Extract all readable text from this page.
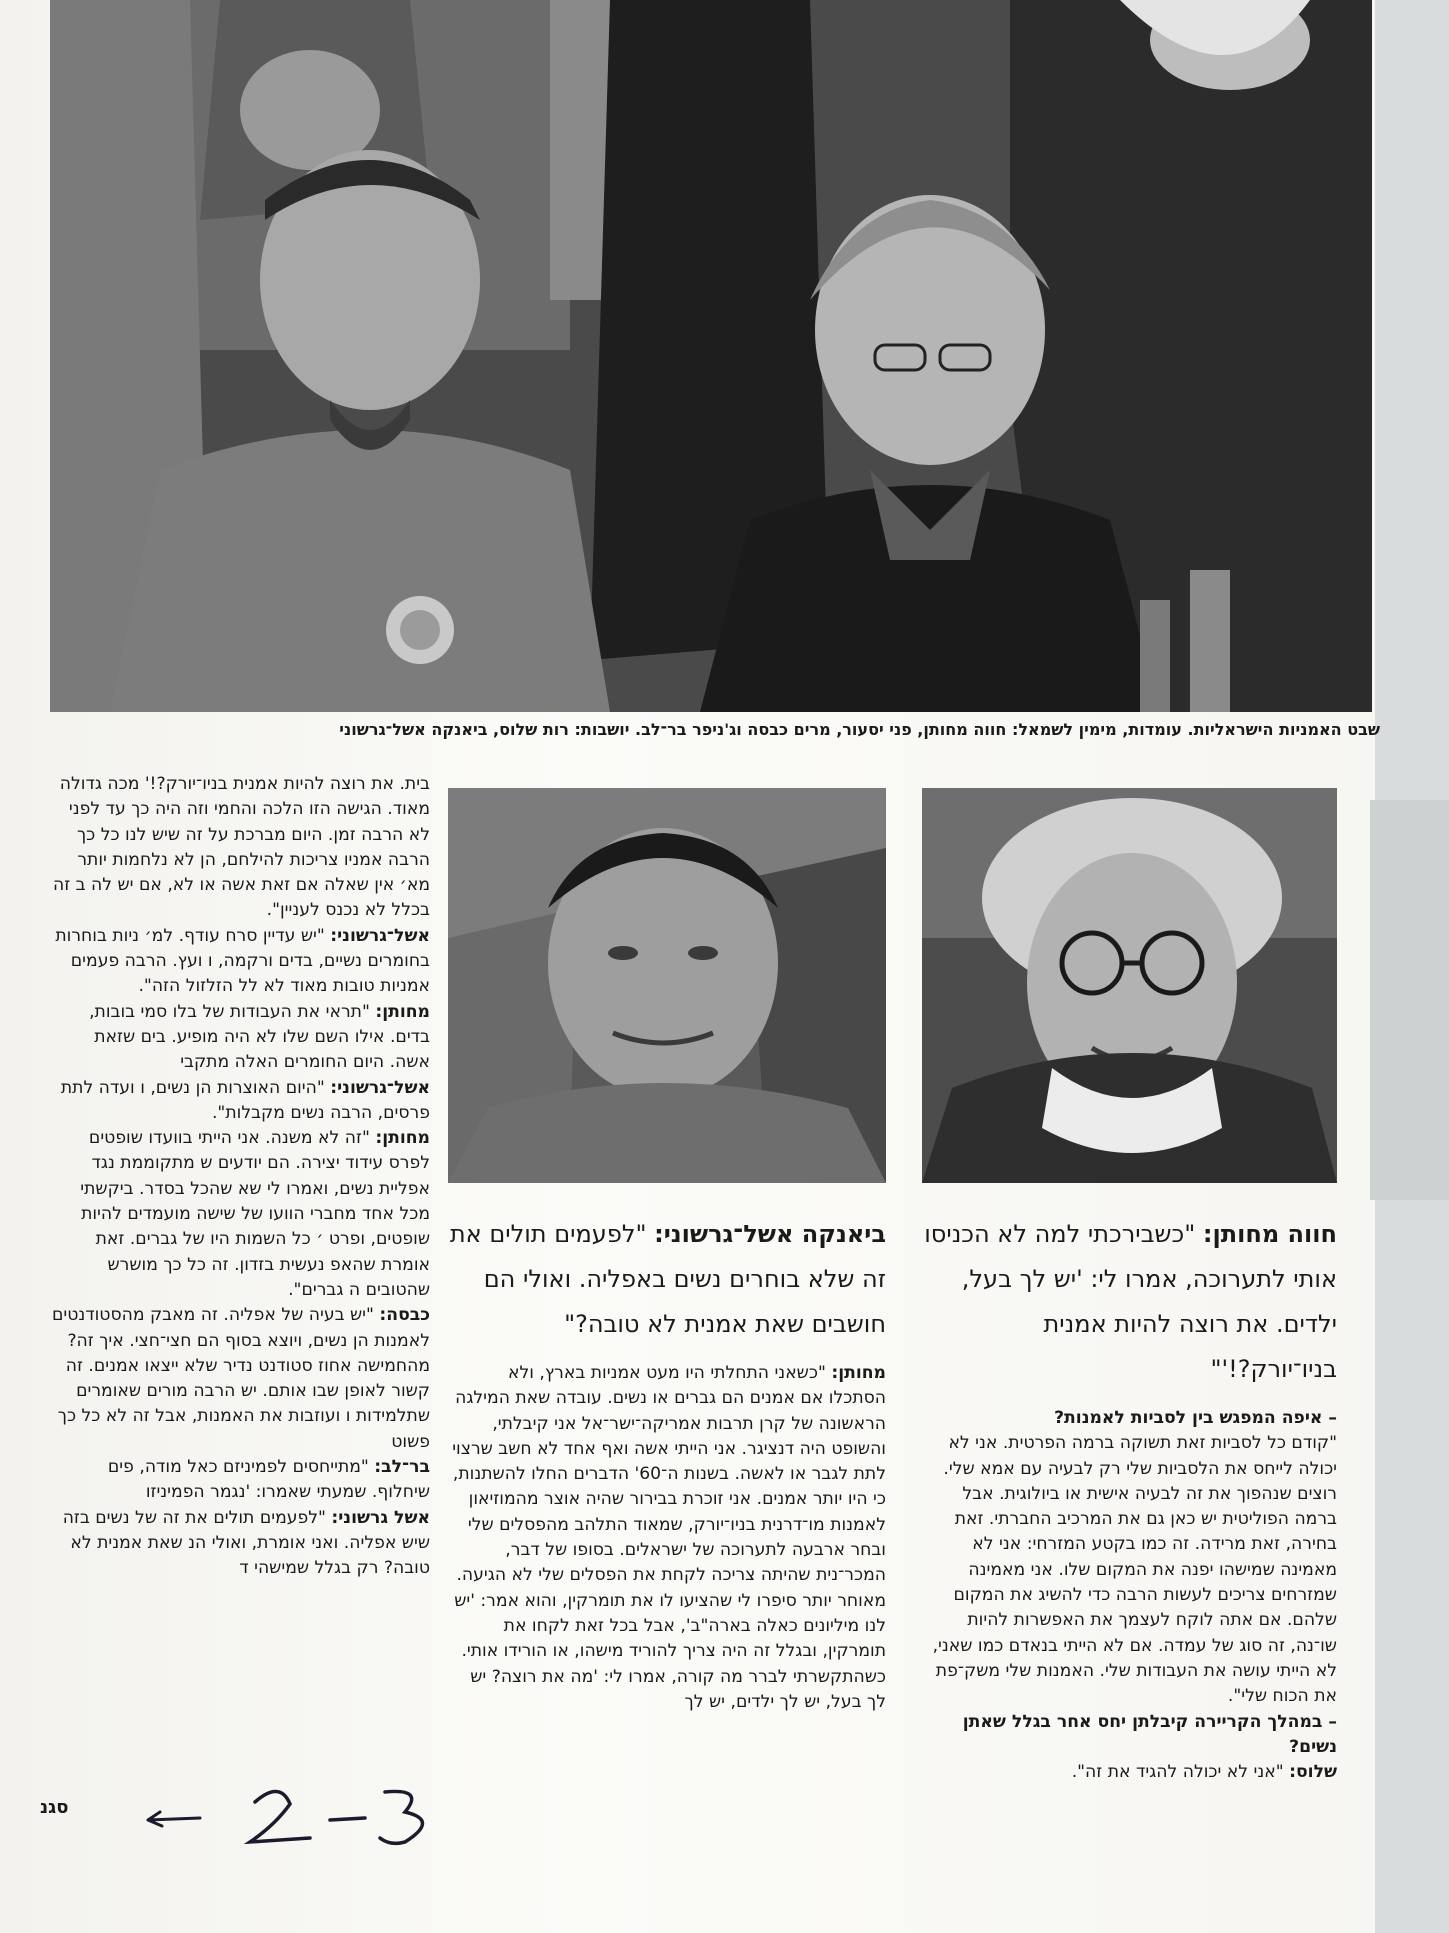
שבט האמניות הישראליות. עומדות, מימין לשמאל: חווה מחותן, פני יסעור, מרים כבסה וג'ניפר בר־לב. יושבות: רות שלוס, ביאנקה אשל־גרשוני

חווה מחותן: "כשבירכתי למה לא הכניסו אותי לתערוכה, אמרו לי: 'יש לך בעל, ילדים. את רוצה להיות אמנית בניו־יורק?!'"

– איפה המפגש בין לסביות לאמנות?

"קודם כל לסביות זאת תשוקה ברמה הפרטית. אני לא יכולה לייחס את הלסביות שלי רק לבעיה עם אמא שלי. רוצים שנהפוך את זה לבעיה אישית או ביולוגית. אבל ברמה הפוליטית יש כאן גם את המרכיב החברתי. זאת בחירה, זאת מרידה. זה כמו בקטע המזרחי: אני לא מאמינה שמישהו יפנה את המקום שלו. אני מאמינה שמזרחים צריכים לעשות הרבה כדי להשיג את המקום שלהם. אם אתה לוקח לעצמך את האפשרות להיות שו־נה, זה סוג של עמדה. אם לא הייתי בנאדם כמו שאני, לא הייתי עושה את העבודות שלי. האמנות שלי משק־פת את הכוח שלי".

– במהלך הקריירה קיבלתן יחס אחר בגלל שאתן נשים?

שלוס: "אני לא יכולה להגיד את זה".

ביאנקה אשל־גרשוני: "לפעמים תולים את זה שלא בוחרים נשים באפליה. ואולי הם חושבים שאת אמנית לא טובה?"

מחותן: "כשאני התחלתי היו מעט אמניות בארץ, ולא הסתכלו אם אמנים הם גברים או נשים. עובדה שאת המילגה הראשונה של קרן תרבות אמריקה־ישר־אל אני קיבלתי, והשופט היה דנציגר. אני הייתי אשה ואף אחד לא חשב שרצוי לתת לגבר או לאשה. בשנות ה־60' הדברים החלו להשתנות, כי היו יותר אמנים. אני זוכרת בבירור שהיה אוצר מהמוזיאון לאמנות מו־דרנית בניו־יורק, שמאוד התלהב מהפסלים שלי ובחר ארבעה לתערוכה של ישראלים. בסופו של דבר, המכר־נית שהיתה צריכה לקחת את הפסלים שלי לא הגיעה. מאוחר יותר סיפרו לי שהציעו לו את תומרקין, והוא אמר: 'יש לנו מיליונים כאלה בארה"ב', אבל בכל זאת לקחו את תומרקין, ובגלל זה היה צריך להוריד מישהו, או הורידו אותי. כשהתקשרתי לברר מה קורה, אמרו לי: 'מה את רוצה? יש לך בעל, יש לך ילדים, יש לך

בית. את רוצה להיות אמנית בניו־יורק?!' מכה גדולה מאוד. הגישה הזו הלכה והחמי וזה היה כך עד לפני לא הרבה זמן. היום מברכת על זה שיש לנו כל כך הרבה אמניו צריכות להילחם, הן לא נלחמות יותר מא׳ אין שאלה אם זאת אשה או לא, אם יש לה ב זה בכלל לא נכנס לעניין".

אשל־גרשוני: "יש עדיין סרח עודף. למ׳ ניות בוחרות בחומרים נשיים, בדים ורקמה, ו ועץ. הרבה פעמים אמניות טובות מאוד לא לל הזלזול הזה".

מחותן: "תראי את העבודות של בלו סמי בובות, בדים. אילו השם שלו לא היה מופיע. בים שזאת אשה. היום החומרים האלה מתקבי

אשל־גרשוני: "היום האוצרות הן נשים, ו ועדה לתת פרסים, הרבה נשים מקבלות".

מחותן: "זה לא משנה. אני הייתי בוועדו שופטים לפרס עידוד יצירה. הם יודעים ש מתקוממת נגד אפליית נשים, ואמרו לי שא שהכל בסדר. ביקשתי מכל אחד מחברי הוועו של שישה מועמדים להיות שופטים, ופרט ׳ כל השמות היו של גברים. זאת אומרת שהאפ נעשית בזדון. זה כל כך מושרש שהטובים ה גברים".

כבסה: "יש בעיה של אפליה. זה מאבק מהסטודנטים לאמנות הן נשים, ויוצא בסוף הם חצי־חצי. איך זה? מהחמישה אחוז סטודנט נדיר שלא ייצאו אמנים. זה קשור לאופן שבו אותם. יש הרבה מורים שאומרים שתלמידות ו ועוזבות את האמנות, אבל זה לא כל כך פשוט

בר־לב: "מתייחסים לפמיניזם כאל מודה, פים שיחלוף. שמעתי שאמרו: 'נגמר הפמיניזו

אשל גרשוני: "לפעמים תולים את זה של נשים בזה שיש אפליה. ואני אומרת, ואולי הנ שאת אמנית לא טובה? רק בגלל שמישהי ד

סגנ
